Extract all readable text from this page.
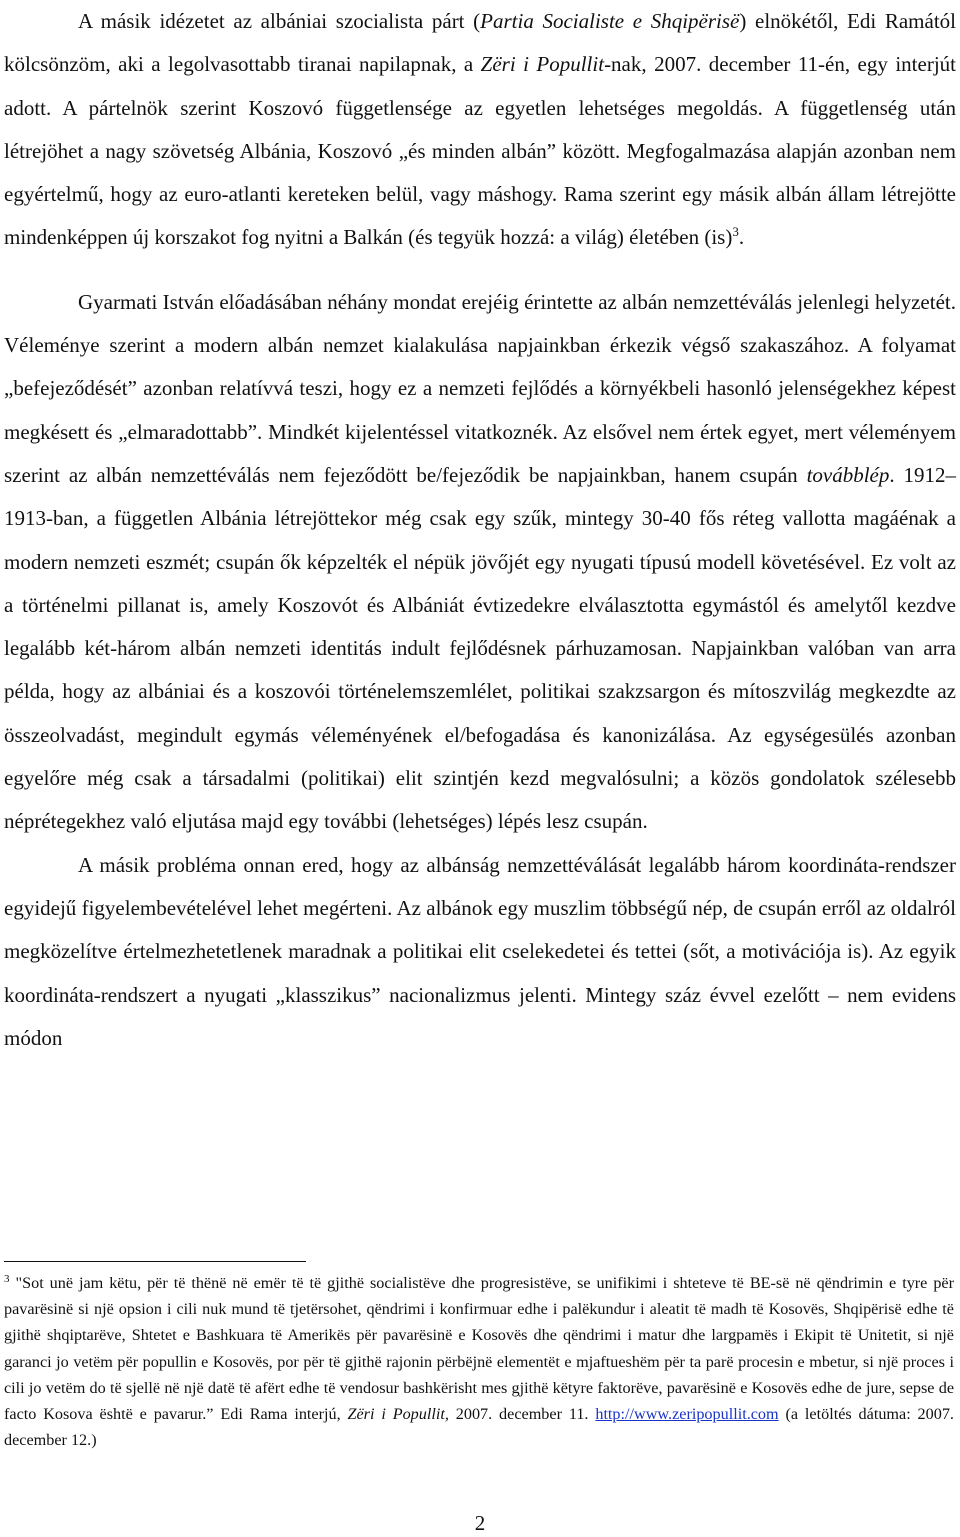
A másik idézetet az albániai szocialista párt (Partia Socialiste e Shqipërisë) elnökétől, Edi Ramától kölcsönzöm, aki a legolvasottabb tiranai napilapnak, a Zëri i Popullit-nak, 2007. december 11-én, egy interjút adott. A pártelnök szerint Koszovó függetlensége az egyetlen lehetséges megoldás. A függetlenség után létrejöhet a nagy szövetség Albánia, Koszovó „és minden albán” között. Megfogalmazása alapján azonban nem egyértelmű, hogy az euro-atlanti kereteken belül, vagy máshogy. Rama szerint egy másik albán állam létrejötte mindenképpen új korszakot fog nyitni a Balkán (és tegyük hozzá: a világ) életében (is)$^3$.

Gyarmati István előadásában néhány mondat erejéig érintette az albán nemzettéválás jelenlegi helyzetét. Véleménye szerint a modern albán nemzet kialakulása napjainkban érkezik végső szakaszához. A folyamat „befejeződését” azonban relatívvá teszi, hogy ez a nemzeti fejlődés a környékbeli hasonló jelenségekhez képest megkésett és „elmaradottabb”. Mindkét kijelentéssel vitatkoznék. Az elsővel nem értek egyet, mert véleményem szerint az albán nemzettéválás nem fejeződött be/fejeződik be napjainkban, hanem csupán továbblép. 1912–1913-ban, a független Albánia létrejöttekor még csak egy szűk, mintegy 30-40 fős réteg vallotta magáénak a modern nemzeti eszmét; csupán ők képzelték el népük jövőjét egy nyugati típusú modell követésével. Ez volt az a történelmi pillanat is, amely Koszovót és Albániát évtizedekre elválasztotta egymástól és amelytől kezdve legalább két-három albán nemzeti identitás indult fejlődésnek párhuzamosan. Napjainkban valóban van arra példa, hogy az albániai és a koszovói történelemszemlélet, politikai szakzsargon és mítoszvilág megkezdte az összeolvadást, megindult egymás véleményének el/befogadása és kanonizálása. Az egységesülés azonban egyelőre még csak a társadalmi (politikai) elit szintjén kezd megvalósulni; a közös gondolatok szélesebb néprétegekhez való eljutása majd egy további (lehetséges) lépés lesz csupán.

A másik probléma onnan ered, hogy az albánság nemzettéválását legalább három koordináta-rendszer egyidejű figyelembevételével lehet megérteni. Az albánok egy muszlim többségű nép, de csupán erről az oldalról megközelítve értelmezhetetlenek maradnak a politikai elit cselekedetei és tettei (sőt, a motivációja is). Az egyik koordináta-rendszert a nyugati „klasszikus” nacionalizmus jelenti. Mintegy száz évvel ezelőtt – nem evidens módon

$^3$ "Sot unë jam këtu, për të thënë në emër të të gjithë socialistëve dhe progresistëve, se unifikimi i shteteve të BE-së në qëndrimin e tyre për pavarësinë si një opsion i cili nuk mund të tjetërsohet, qëndrimi i konfirmuar edhe i palëkundur i aleatit të madh të Kosovës, Shqipërisë edhe të gjithë shqiptarëve, Shtetet e Bashkuara të Amerikës për pavarësinë e Kosovës dhe qëndrimi i matur dhe largpamës i Ekipit të Unitetit, si një garanci jo vetëm për popullin e Kosovës, por për të gjithë rajonin përbëjnë elementët e mjaftueshëm për ta parë procesin e mbetur, si një proces i cili jo vetëm do të sjellë në një datë të afërt edhe të vendosur bashkërisht mes gjithë këtyre faktorëve, pavarësinë e Kosovës edhe de jure, sepse de facto Kosova është e pavarur.” Edi Rama interjú, Zëri i Popullit, 2007. december 11. http://www.zeripopullit.com (a letöltés dátuma: 2007. december 12.)
2
